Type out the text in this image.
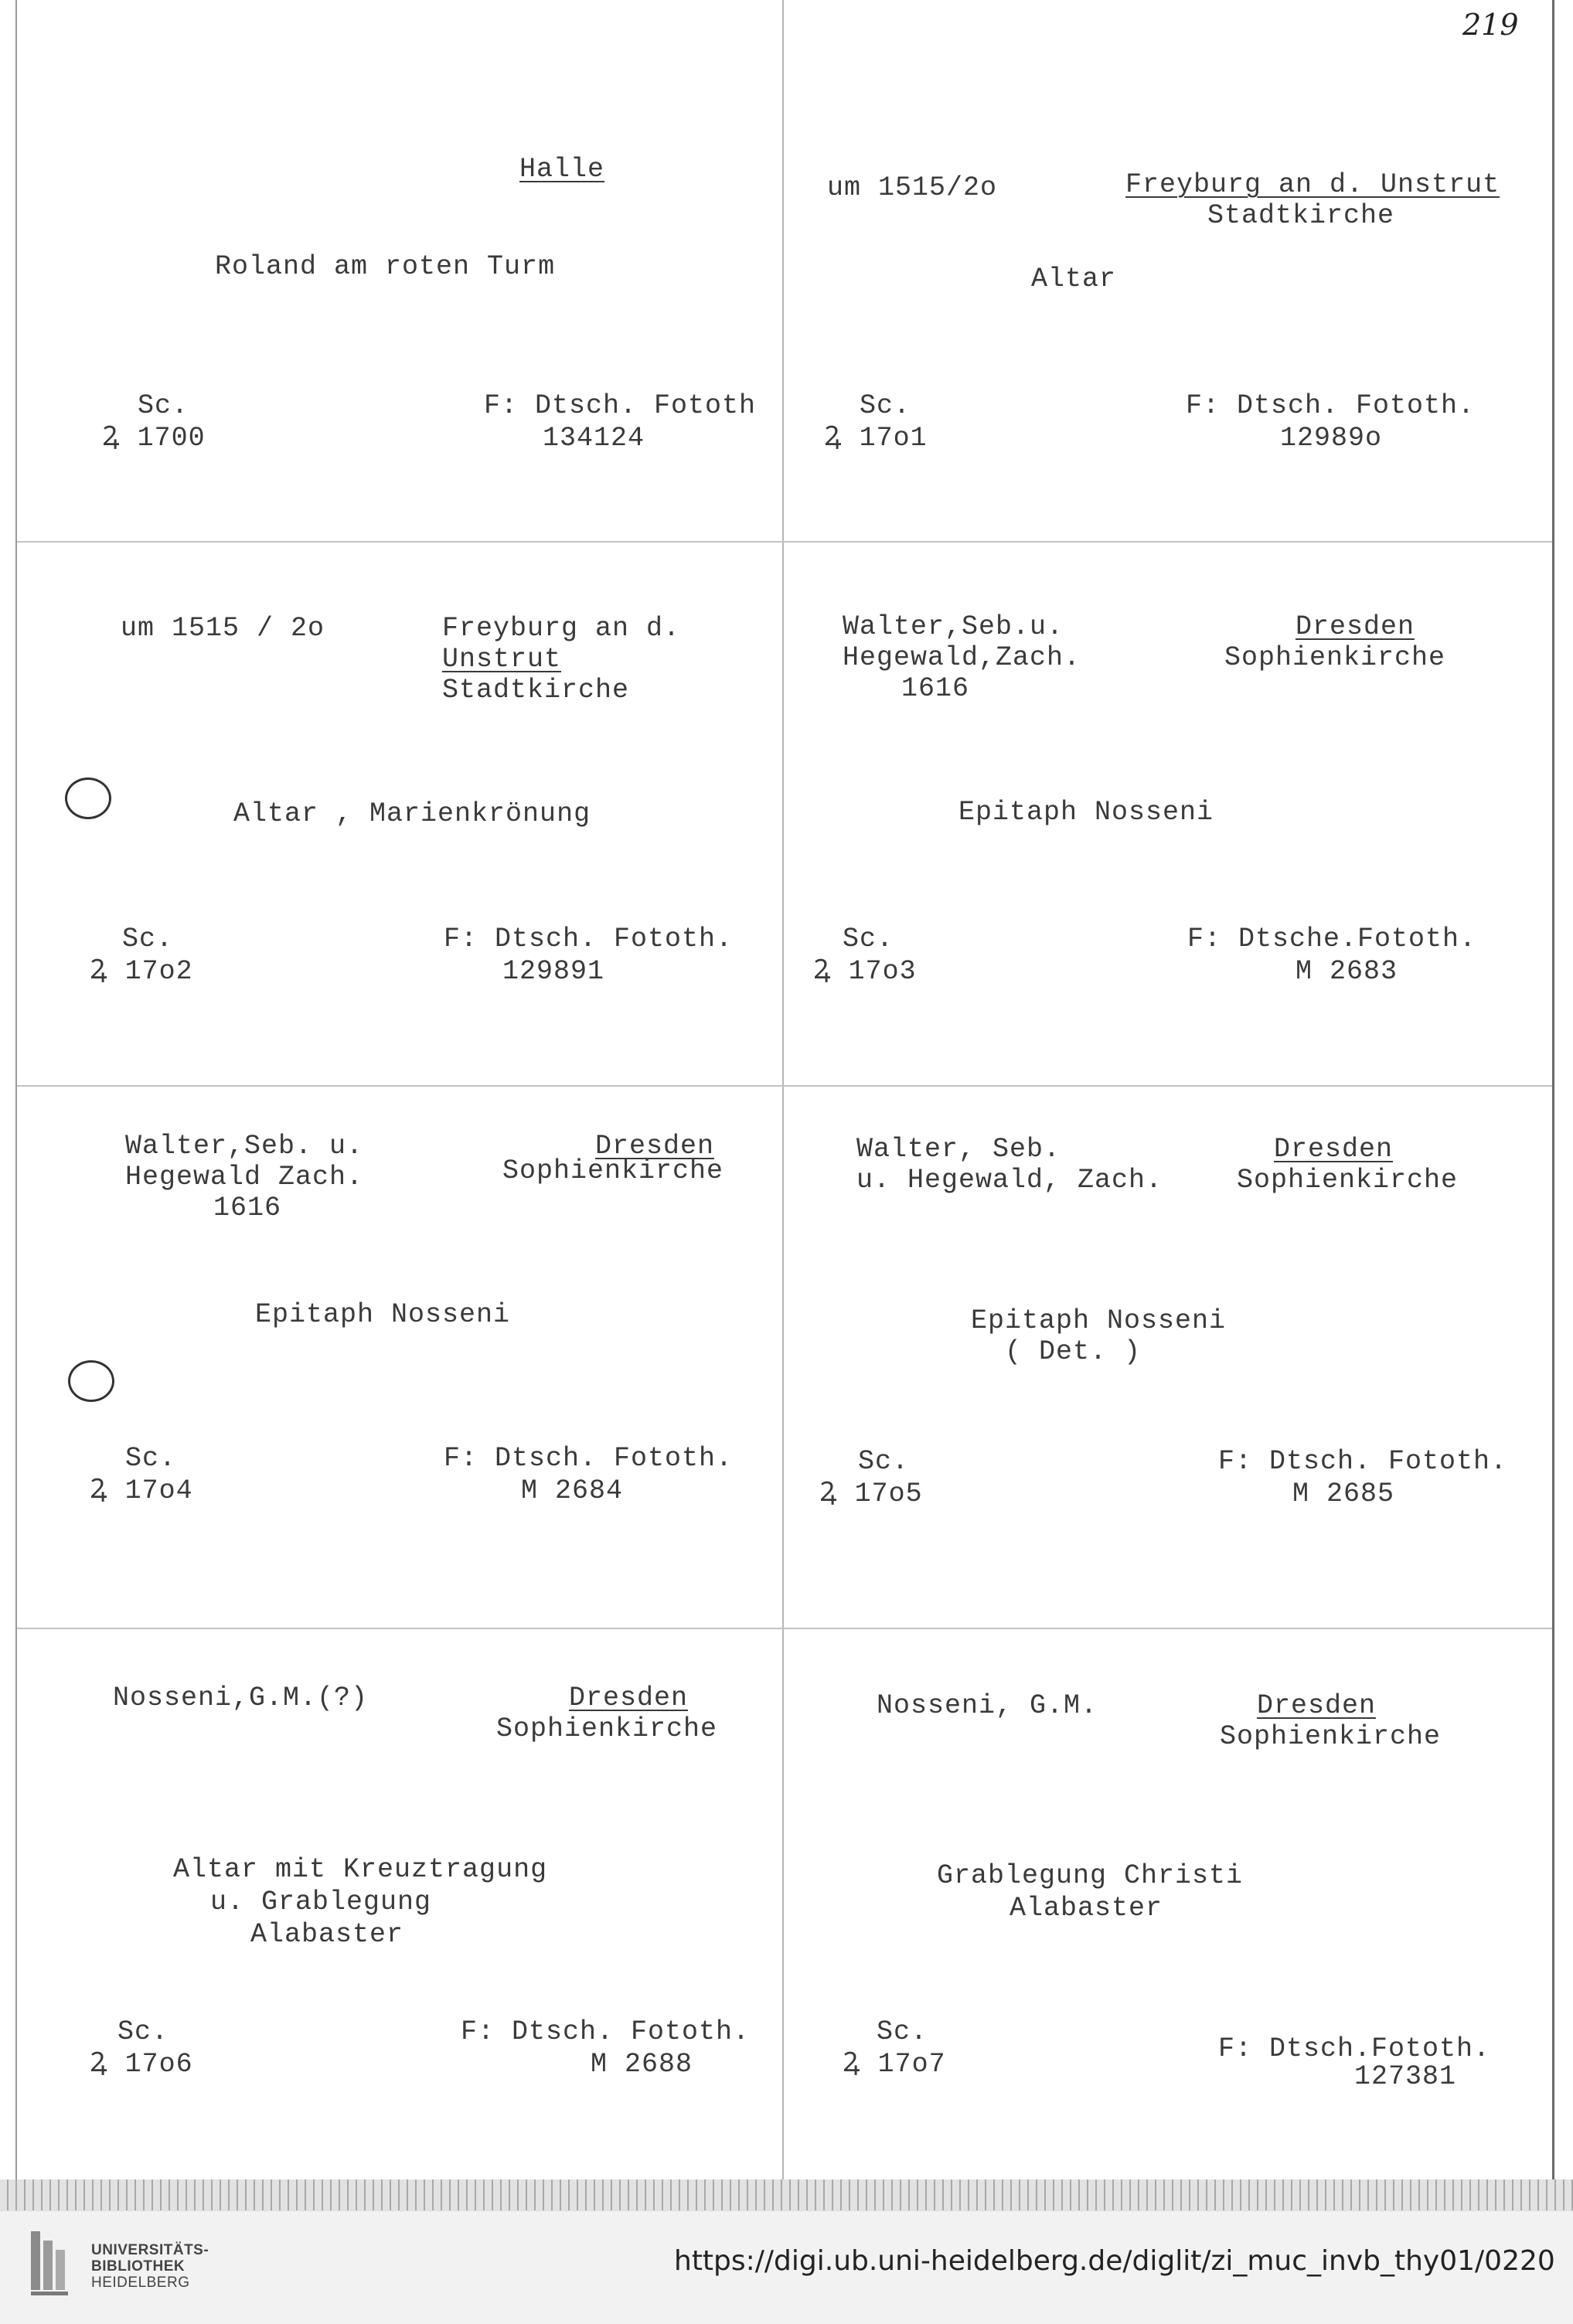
219
Halle
Roland am roten Turm
Sc.
Ꝝ 1700
F: Dtsch. Fototh
134124
um 1515/2o	Freyburg an d. Unstrut
Stadtkirche
Altar
Sc.
Ꝝ 17o1
F: Dtsch. Fototh.
12989o
um 1515 / 2o	Freyburg an d.
Unstrut
Stadtkirche
Altar , Marienkrönung
Sc.
Ꝝ 17o2
F: Dtsch. Fototh.
129891
Walter,Seb.u.
Hegewald,Zach.
1616
Dresden
Sophienkirche
Epitaph Nosseni
Sc.
Ꝝ 17o3
F: Dtsche.Fototh.
M 2683
Walter,Seb. u.
Hegewald Zach.
1616
Dresden
Sophienkirche
Epitaph Nosseni
Sc.
Ꝝ 17o4
F: Dtsch. Fototh.
M 2684
Walter, Seb.
u. Hegewald, Zach.
Dresden
Sophienkirche
Epitaph Nosseni
( Det. )
Sc.
Ꝝ 17o5
F: Dtsch. Fototh.
M 2685
Nosseni,G.M.(?)	Dresden
Sophienkirche
Altar mit Kreuztragung
u. Grablegung
Alabaster
Sc.
Ꝝ 17o6
F: Dtsch. Fototh.
M 2688
Nosseni, G.M.	Dresden
Sophienkirche
Grablegung Christi
Alabaster
Sc.
Ꝝ 17o7	F: Dtsch.Fototh.
127381
UNIVERSITÄTS-
BIBLIOTHEK
HEIDELBERG
https://digi.ub.uni-heidelberg.de/diglit/zi_muc_invb_thy01/0220
